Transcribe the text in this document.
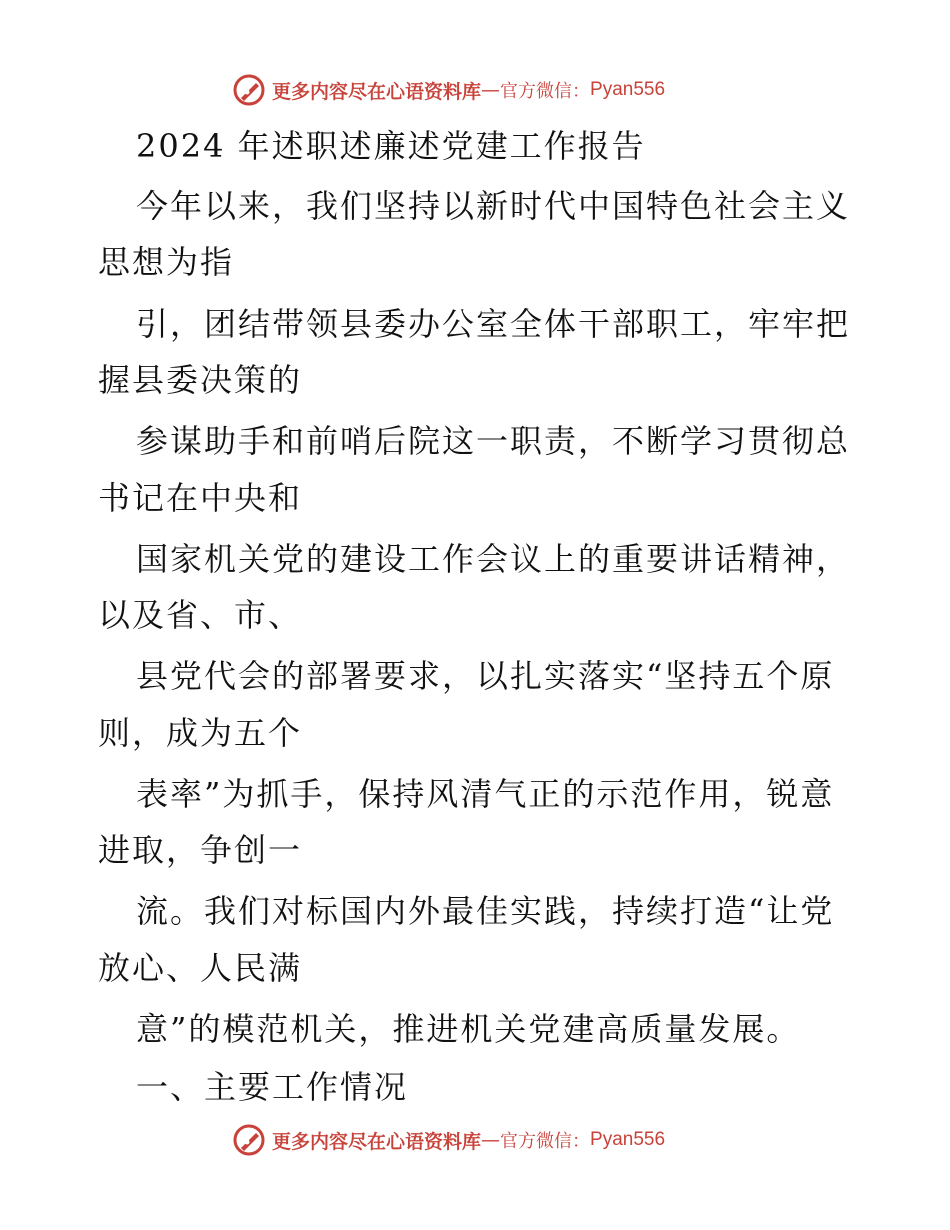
更多内容尽在心语资料库 — 官方微信： Pyan556
2024 年述职述廉述党建工作报告
今年以来，我们坚持以新时代中国特色社会主义
思想为指
引，团结带领县委办公室全体干部职工，牢牢把
握县委决策的
参谋助手和前哨后院这一职责，不断学习贯彻总
书记在中央和
国家机关党的建设工作会议上的重要讲话精神，
以及省、市、
县党代会的部署要求，以扎实落实“坚持五个原
则，成为五个
表率”为抓手，保持风清气正的示范作用，锐意
进取，争创一
流。我们对标国内外最佳实践，持续打造“让党
放心、人民满
意”的模范机关，推进机关党建高质量发展。
一、主要工作情况
更多内容尽在心语资料库 — 官方微信： Pyan556
